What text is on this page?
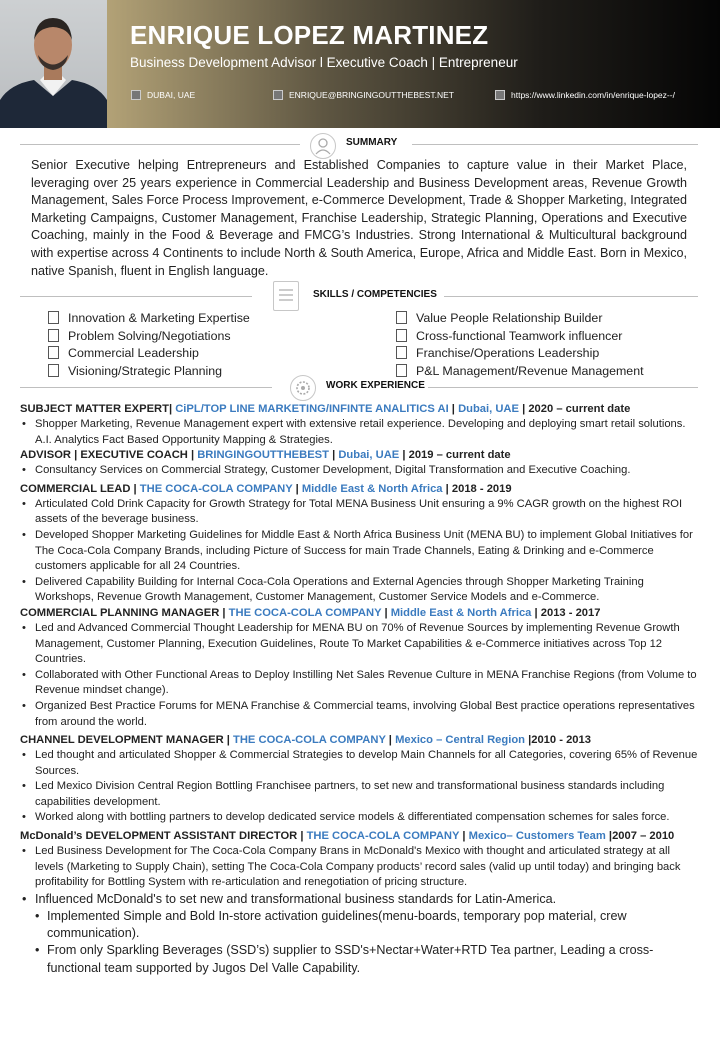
ENRIQUE LOPEZ MARTINEZ
Business Development Advisor l Executive Coach | Entrepreneur
DUBAI, UAE	ENRIQUE@BRINGINGOUTTHEBEST.NET	https://www.linkedin.com/in/enrique-lopez--/
SUMMARY
Senior Executive helping Entrepreneurs and Established Companies to capture value in their Market Place, leveraging over 25 years experience in Commercial Leadership and Business Development areas, Revenue Growth Management, Sales Force Process Improvement, e-Commerce Development, Trade & Shopper Marketing, Integrated Marketing Campaigns, Customer Management, Franchise Leadership, Strategic Planning, Operations and Executive Coaching, mainly in the Food & Beverage and FMCG’s Industries. Strong International & Multicultural background with expertise across 4 Continents to include North & South America, Europe, Africa and Middle East. Born in Mexico, native Spanish, fluent in English language.
SKILLS / COMPETENCIES
Innovation & Marketing Expertise
Problem Solving/Negotiations
Commercial Leadership
Visioning/Strategic Planning
Value People Relationship Builder
Cross-functional Teamwork influencer
Franchise/Operations Leadership
P&L Management/Revenue Management
WORK EXPERIENCE
SUBJECT MATTER EXPERT| CiPL/TOP LINE MARKETING/INFINTE ANALITICS AI | Dubai, UAE | 2020 – current date
• Shopper Marketing, Revenue Management expert with extensive retail experience. Developing and deploying smart retail solutions. A.I. Analytics Fact Based Opportunity Mapping & Strategies.
ADVISOR | EXECUTIVE COACH | BRINGINGOUTTHEBEST | Dubai, UAE | 2019 – current date
• Consultancy Services on Commercial Strategy, Customer Development, Digital Transformation and Executive Coaching.
COMMERCIAL LEAD | THE COCA-COLA COMPANY | Middle East & North Africa | 2018 - 2019
• Articulated Cold Drink Capacity for Growth Strategy for Total MENA Business Unit ensuring a 9% CAGR growth on the highest ROI assets of the beverage business.
• Developed Shopper Marketing Guidelines for Middle East & North Africa Business Unit (MENA BU) to implement Global Initiatives for The Coca-Cola Company Brands, including Picture of Success for main Trade Channels, Eating & Drinking and e-Commerce customers applicable for all 24 Countries.
• Delivered Capability Building for Internal Coca-Cola Operations and External Agencies through Shopper Marketing Training Workshops, Revenue Growth Management, Customer Management, Customer Service Models and e-Commerce.
COMMERCIAL PLANNING MANAGER | THE COCA-COLA COMPANY | Middle East & North Africa | 2013 - 2017
• Led and Advanced Commercial Thought Leadership for MENA BU on 70% of Revenue Sources by implementing Revenue Growth Management, Customer Planning, Execution Guidelines, Route To Market Capabilities & e-Commerce initiatives across Top 12 Countries.
• Collaborated with Other Functional Areas to Deploy Instilling Net Sales Revenue Culture in MENA Franchise Regions (from Volume to Revenue mindset change).
• Organized Best Practice Forums for MENA Franchise & Commercial teams, involving Global Best practice operations representatives from around the world.
CHANNEL DEVELOPMENT MANAGER | THE COCA-COLA COMPANY | Mexico – Central Region |2010 - 2013
• Led thought and articulated Shopper & Commercial Strategies to develop Main Channels for all Categories, covering 65% of Revenue Sources.
• Led Mexico Division Central Region Bottling Franchisee partners, to set new and transformational business standards including capabilities development.
• Worked along with bottling partners to develop dedicated service models & differentiated compensation schemes for sales force.
McDonald’s DEVELOPMENT ASSISTANT DIRECTOR | THE COCA-COLA COMPANY | Mexico– Customers Team |2007 – 2010
• Led Business Development for The Coca-Cola Company Brans in McDonald's Mexico with thought and articulated strategy at all levels (Marketing to Supply Chain), setting The Coca-Cola Company products’ record sales (valid up until today) and bringing back profitability for Bottling System with re-articulation and renegotiation of pricing structure.
• Influenced McDonald's to set new and transformational business standards for Latin-America.
• Implemented Simple and Bold In-store activation guidelines(menu-boards, temporary pop material, crew communication).
• From only Sparkling Beverages (SSD’s) supplier to SSD's+Nectar+Water+RTD Tea partner, Leading a cross-functional team supported by Jugos Del Valle Capability.
